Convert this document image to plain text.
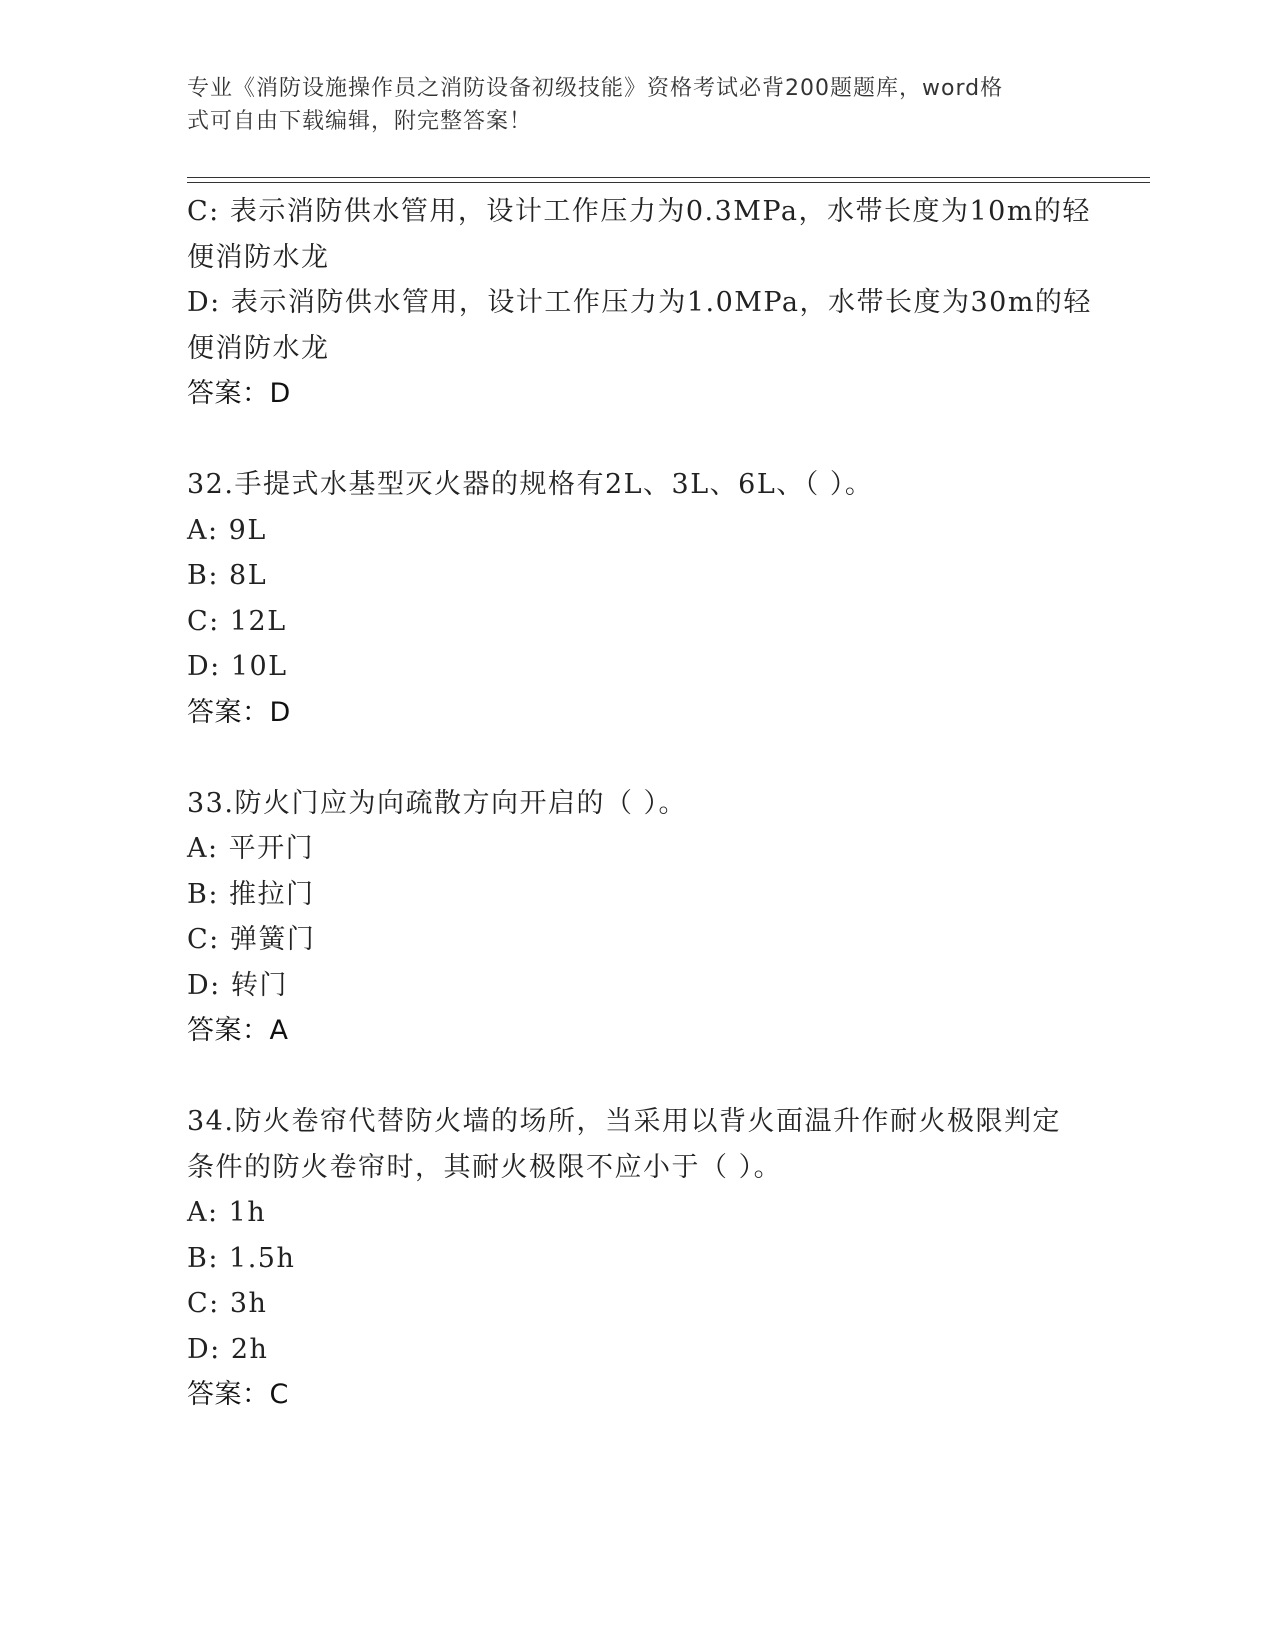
专业《消防设施操作员之消防设备初级技能》资格考试必背200题题库，word格
式可自由下载编辑，附完整答案！
C: 表示消防供水管用，设计工作压力为0.3MPa，水带长度为10m的轻
便消防水龙
D: 表示消防供水管用，设计工作压力为1.0MPa，水带长度为30m的轻
便消防水龙
答案：D
32.手提式水基型灭火器的规格有2L、3L、6L、（ ）。
A: 9L
B: 8L
C: 12L
D: 10L
答案：D
33.防火门应为向疏散方向开启的（ ）。
A: 平开门
B: 推拉门
C: 弹簧门
D: 转门
答案：A
34.防火卷帘代替防火墙的场所，当采用以背火面温升作耐火极限判定
条件的防火卷帘时，其耐火极限不应小于（ ）。
A: 1h
B: 1.5h
C: 3h
D: 2h
答案：C
